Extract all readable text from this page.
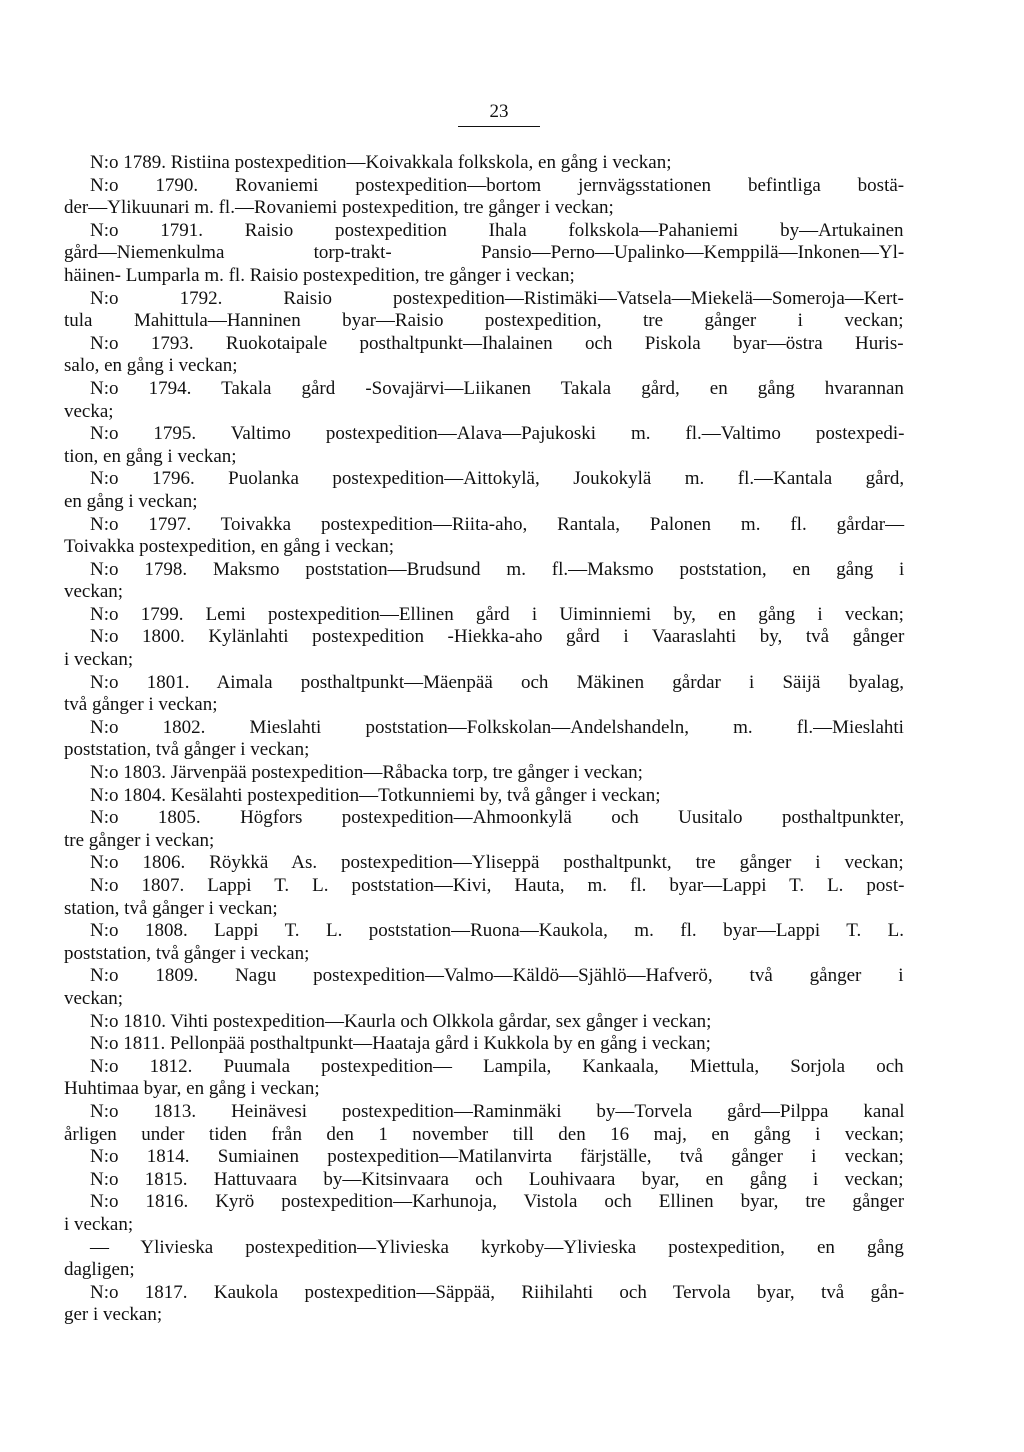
23
N:o 1789. Ristiina postexpedition—Koivakkala folkskola, en gång i veckan;
N:o 1790. Rovaniemi postexpedition—bortom jernvägsstationen befintliga bostä-
der—Ylikuunari m. fl.—Rovaniemi postexpedition, tre gånger i veckan;
N:o 1791. Raisio postexpedition Ihala folkskola—Pahaniemi by—Artukainen
gård—Niemenkulma torp-trakt- Pansio—Perno—Upalinko—Kemppilä—Inkonen—Yl-
häinen- Lumparla m. fl. Raisio postexpedition, tre gånger i veckan;
N:o 1792. Raisio postexpedition—Ristimäki—Vatsela—Miekelä—Someroja—Kert-
tula Mahittula—Hanninen byar—Raisio postexpedition, tre gånger i veckan;
N:o 1793. Ruokotaipale posthaltpunkt—Ihalainen och Piskola byar—östra Huris-
salo, en gång i veckan;
N:o 1794. Takala gård -Sovajärvi—Liikanen Takala gård, en gång hvarannan
vecka;
N:o 1795. Valtimo postexpedition—Alava—Pajukoski m. fl.—Valtimo postexpedi-
tion, en gång i veckan;
N:o 1796. Puolanka postexpedition—Aittokylä, Joukokylä m. fl.—Kantala gård,
en gång i veckan;
N:o 1797. Toivakka postexpedition—Riita-aho, Rantala, Palonen m. fl. gårdar—
Toivakka postexpedition, en gång i veckan;
N:o 1798. Maksmo poststation—Brudsund m. fl.—Maksmo poststation, en gång i
veckan;
N:o 1799. Lemi postexpedition—Ellinen gård i Uiminniemi by, en gång i veckan;
N:o 1800. Kylänlahti postexpedition -Hiekka-aho gård i Vaaraslahti by, två gånger
i veckan;
N:o 1801. Aimala posthaltpunkt—Mäenpää och Mäkinen gårdar i Säijä byalag,
två gånger i veckan;
N:o 1802. Mieslahti poststation—Folkskolan—Andelshandeln, m. fl.—Mieslahti
poststation, två gånger i veckan;
N:o 1803. Järvenpää postexpedition—Råbacka torp, tre gånger i veckan;
N:o 1804. Kesälahti postexpedition—Totkunniemi by, två gånger i veckan;
N:o 1805. Högfors postexpedition—Ahmoonkylä och Uusitalo posthaltpunkter,
tre gånger i veckan;
N:o 1806. Röykkä As. postexpedition—Yliseppä posthaltpunkt, tre gånger i veckan;
N:o 1807. Lappi T. L. poststation—Kivi, Hauta, m. fl. byar—Lappi T. L. post-
station, två gånger i veckan;
N:o 1808. Lappi T. L. poststation—Ruona—Kaukola, m. fl. byar—Lappi T. L.
poststation, två gånger i veckan;
N:o 1809. Nagu postexpedition—Valmo—Käldö—Sjählö—Hafverö, två gånger i
veckan;
N:o 1810. Vihti postexpedition—Kaurla och Olkkola gårdar, sex gånger i veckan;
N:o 1811. Pellonpää posthaltpunkt—Haataja gård i Kukkola by en gång i veckan;
N:o 1812. Puumala postexpedition— Lampila, Kankaala, Miettula, Sorjola och
Huhtimaa byar, en gång i veckan;
N:o 1813. Heinävesi postexpedition—Raminmäki by—Torvela gård—Pilppa kanal
årligen under tiden från den 1 november till den 16 maj, en gång i veckan;
N:o 1814. Sumiainen postexpedition—Matilanvirta färjställe, två gånger i veckan;
N:o 1815. Hattuvaara by—Kitsinvaara och Louhivaara byar, en gång i veckan;
N:o 1816. Kyrö postexpedition—Karhunoja, Vistola och Ellinen byar, tre gånger
i veckan;
— Ylivieska postexpedition—Ylivieska kyrkoby—Ylivieska postexpedition, en gång
dagligen;
N:o 1817. Kaukola postexpedition—Säppää, Riihilahti och Tervola byar, två gån-
ger i veckan;
